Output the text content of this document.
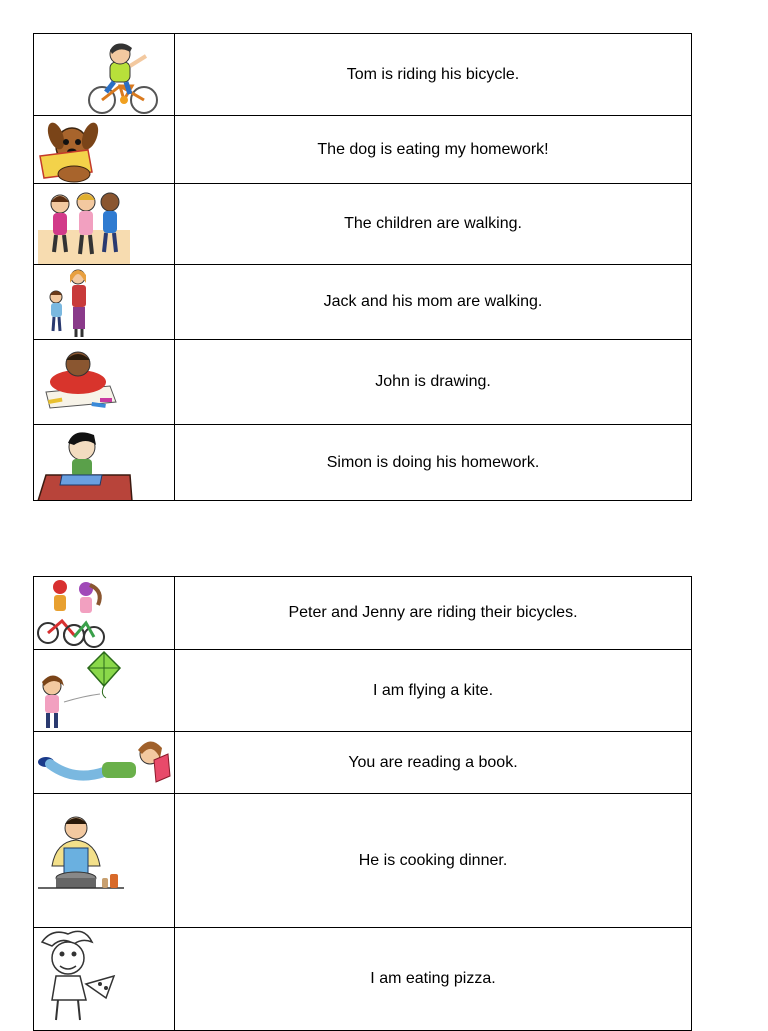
	Tom is riding his bicycle.

	The dog is eating my homework!

	The children are walking.

	Jack and his mom are walking.

	John is drawing.

	Simon is doing his homework.
	Peter and Jenny are riding their bicycles.

	I am flying a kite.

	You are reading a book.

	He is cooking dinner.

	I am eating pizza.
